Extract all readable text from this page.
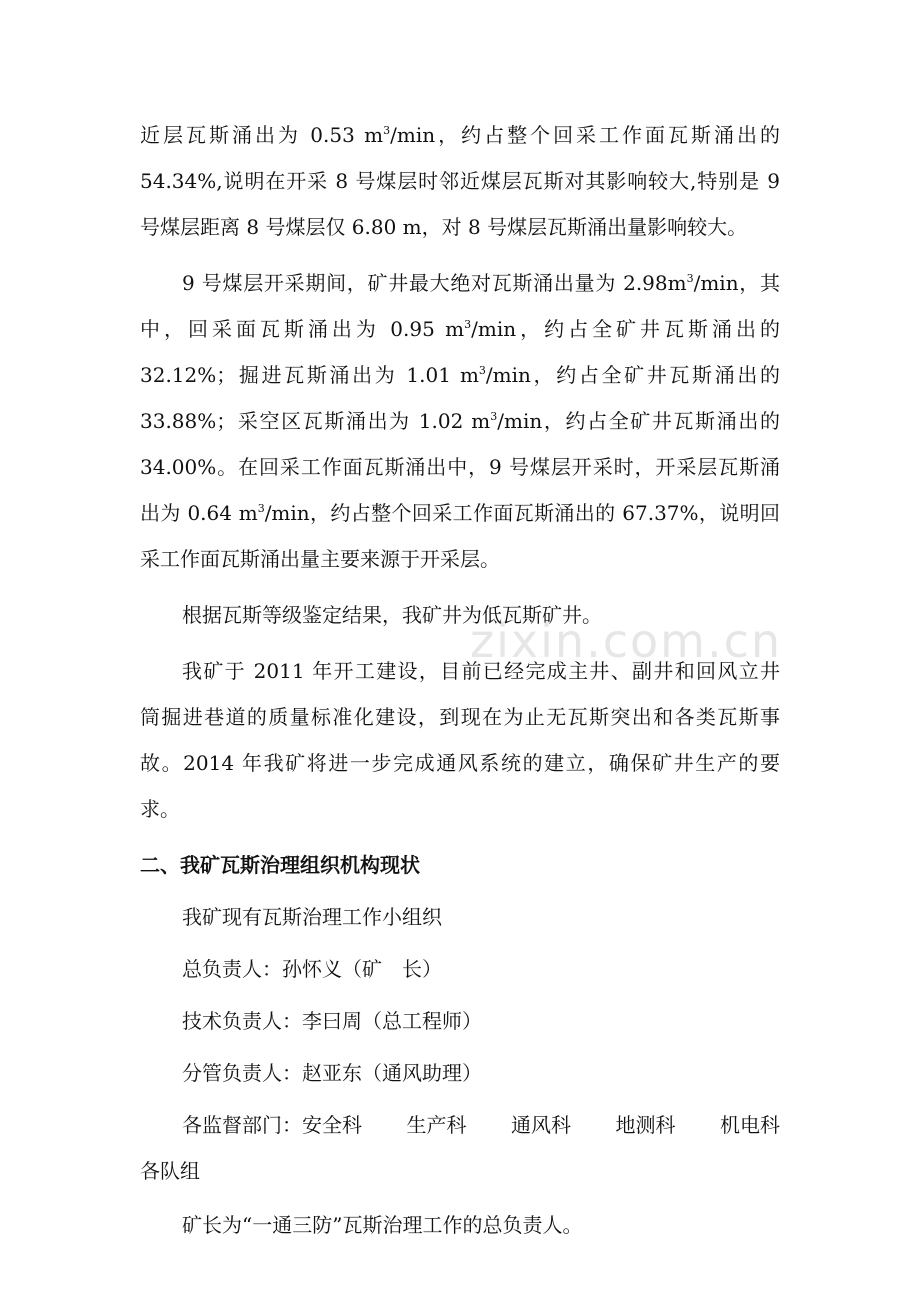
近层瓦斯涌出为 0.53 $m^3/\min$，约占整个回采工作面瓦斯涌出的
54.34%,说明在开采 8 号煤层时邻近煤层瓦斯对其影响较大,特别是 9
号煤层距离 8 号煤层仅 6.80 m，对 8 号煤层瓦斯涌出量影响较大。
9 号煤层开采期间，矿井最大绝对瓦斯涌出量为 $2.98m^3/\min$，其
中，回采面瓦斯涌出为 0.95 $m^3/\min$，约占全矿井瓦斯涌出的
32.12%；掘进瓦斯涌出为 1.01 $m^3/\min$，约占全矿井瓦斯涌出的
33.88%；采空区瓦斯涌出为 1.02 $m^3/\min$，约占全矿井瓦斯涌出的
34.00%。在回采工作面瓦斯涌出中，9 号煤层开采时，开采层瓦斯涌
出为 0.64 $m^3/\min$，约占整个回采工作面瓦斯涌出的 67.37%，说明回
采工作面瓦斯涌出量主要来源于开采层。
根据瓦斯等级鉴定结果，我矿井为低瓦斯矿井。
我矿于 2011 年开工建设，目前已经完成主井、副井和回风立井
筒掘进巷道的质量标准化建设，到现在为止无瓦斯突出和各类瓦斯事
故。2014 年我矿将进一步完成通风系统的建立，确保矿井生产的要
求。
二、我矿瓦斯治理组织机构现状
我矿现有瓦斯治理工作小组织
总负责人：孙怀义（矿　长）
技术负责人：李曰周（总工程师）
分管负责人：赵亚东（通风助理）
各监督部门：安全科 生产科 通风科 地测科 机电科
各队组
矿长为“一通三防”瓦斯治理工作的总负责人。
zixin.com.cn
